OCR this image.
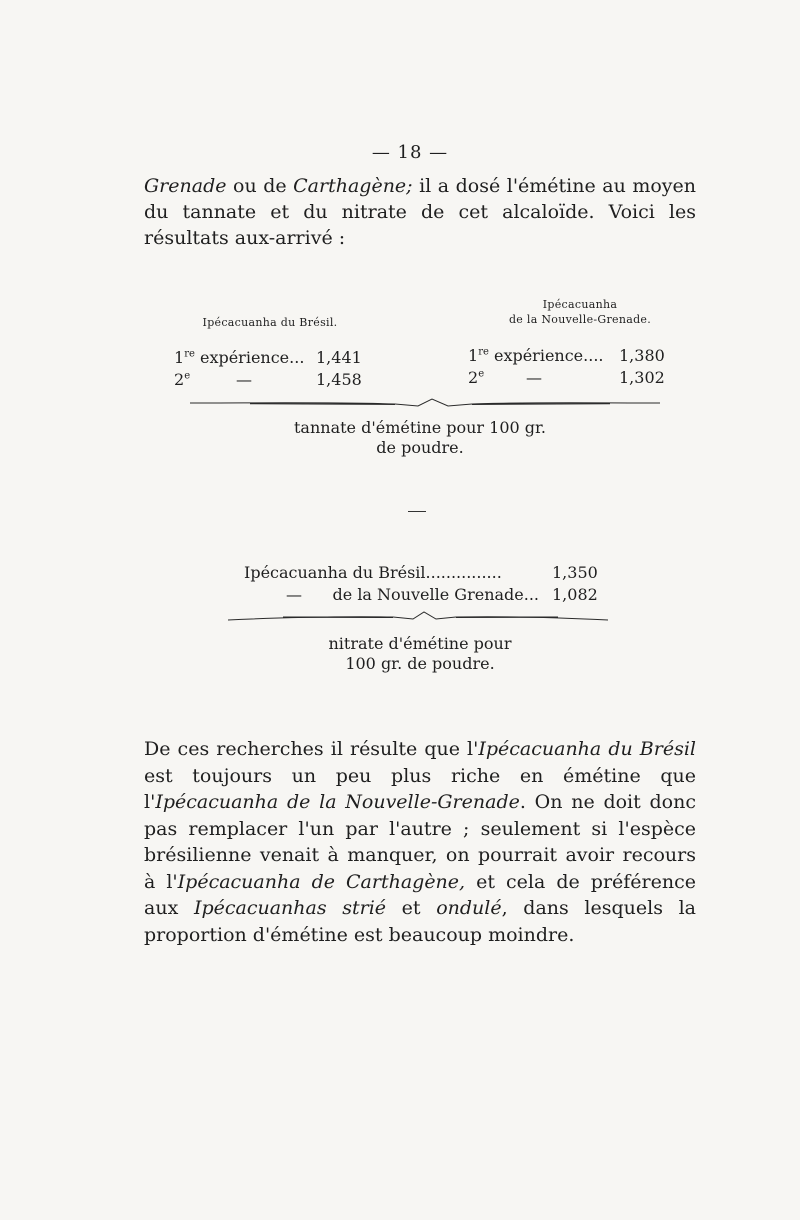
— 18 —
Grenade ou de Carthagène; il a dosé l'émétine au moyen du tannate et du nitrate de cet alcaloïde. Voici les résultats aux-arrivé :
Ipécacuanha du Brésil.
Ipécacuanha
de la Nouvelle-Grenade.
1re expérience... 1,441	1re expérience.... 1,380
2e	—	1,458	2e	—	1,302
tannate d'émétine pour 100 gr.
de poudre.
Ipécacuanha du Brésil...............	1,350
—      de la Nouvelle Grenade... 1,082
nitrate d'émétine pour
100 gr. de poudre.
De ces recherches il résulte que l'Ipécacuanha du Brésil est toujours un peu plus riche en émétine que l'Ipécacuanha de la Nouvelle-Grenade. On ne doit donc pas remplacer l'un par l'autre ; seulement si l'espèce brésilienne venait à manquer, on pourrait avoir recours à l'Ipécacuanha de Carthagène, et cela de préférence aux Ipécacuanhas strié et ondulé, dans lesquels la proportion d'émétine est beaucoup moindre.
